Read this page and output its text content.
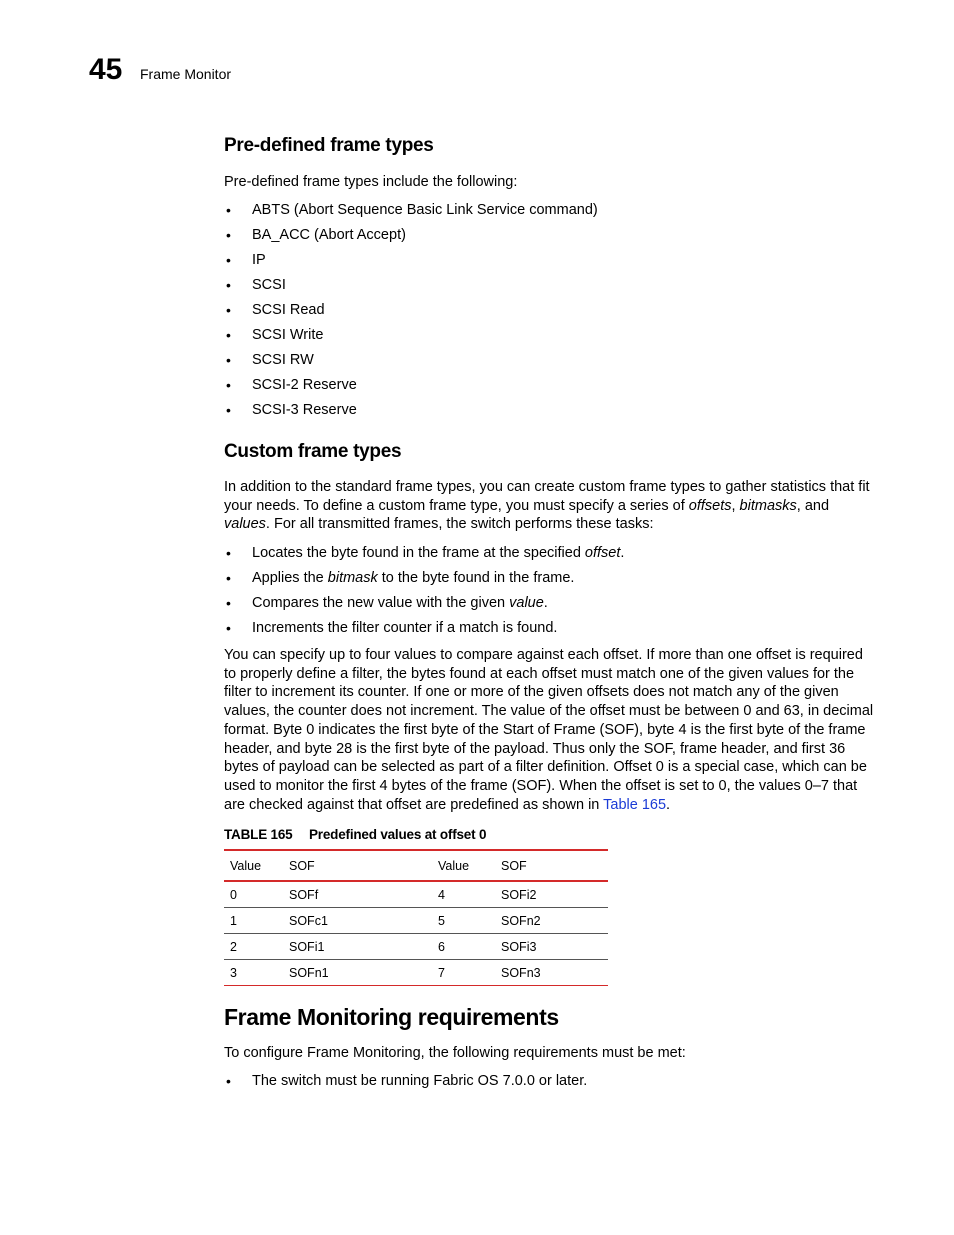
45 Frame Monitor
Pre-defined frame types
Pre-defined frame types include the following:
• ABTS (Abort Sequence Basic Link Service command)
• BA_ACC (Abort Accept)
• IP
• SCSI
• SCSI Read
• SCSI Write
• SCSI RW
• SCSI-2 Reserve
• SCSI-3 Reserve
Custom frame types
In addition to the standard frame types, you can create custom frame types to gather statistics that fit your needs. To define a custom frame type, you must specify a series of offsets, bitmasks, and values. For all transmitted frames, the switch performs these tasks:
• Locates the byte found in the frame at the specified offset.
• Applies the bitmask to the byte found in the frame.
• Compares the new value with the given value.
• Increments the filter counter if a match is found.
You can specify up to four values to compare against each offset. If more than one offset is required to properly define a filter, the bytes found at each offset must match one of the given values for the filter to increment its counter. If one or more of the given offsets does not match any of the given values, the counter does not increment. The value of the offset must be between 0 and 63, in decimal format. Byte 0 indicates the first byte of the Start of Frame (SOF), byte 4 is the first byte of the frame header, and byte 28 is the first byte of the payload. Thus only the SOF, frame header, and first 36 bytes of payload can be selected as part of a filter definition. Offset 0 is a special case, which can be used to monitor the first 4 bytes of the frame (SOF). When the offset is set to 0, the values 0–7 that are checked against that offset are predefined as shown in Table 165.
TABLE 165 Predefined values at offset 0
Value	SOF	Value	SOF
0	SOFf	4	SOFi2
1	SOFc1	5	SOFn2
2	SOFi1	6	SOFi3
3	SOFn1	7	SOFn3
Frame Monitoring requirements
To configure Frame Monitoring, the following requirements must be met:
• The switch must be running Fabric OS 7.0.0 or later.
